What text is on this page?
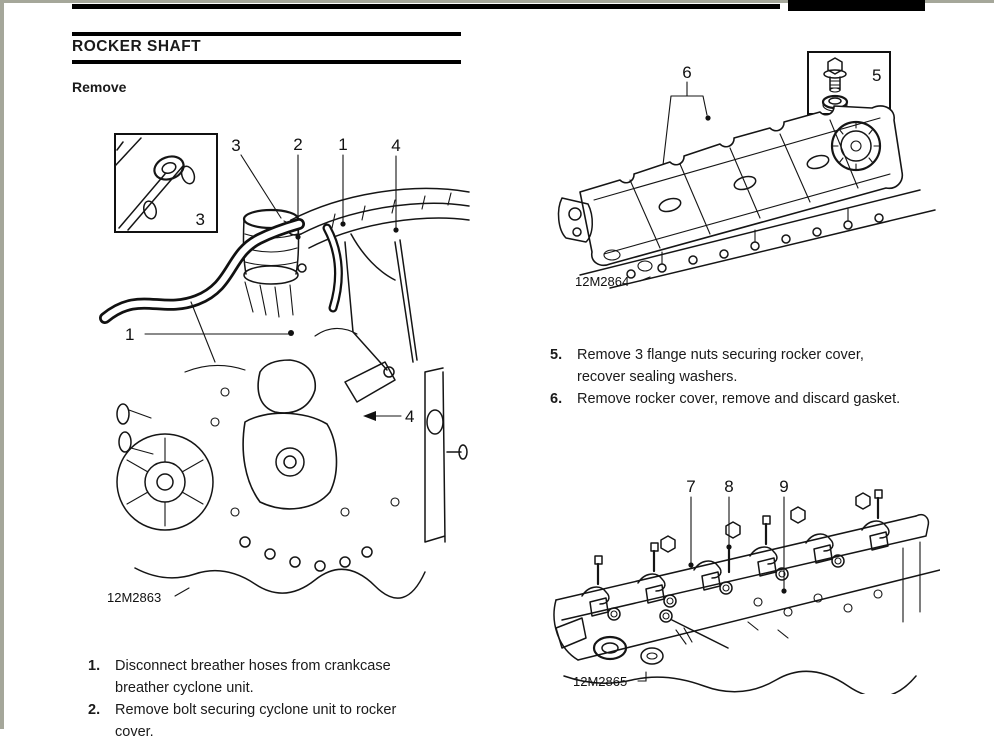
ROCKER SHAFT
Remove
3
3	2 1	4
1
4
12M2863
6	5
12M2864
7 8	9
12M2865
1.	Disconnect breather hoses from crankcase breather cyclone unit.
2.	Remove bolt securing cyclone unit to rocker cover.
5.	Remove 3 flange nuts securing rocker cover, recover sealing washers.
6.	Remove rocker cover, remove and discard gasket.
